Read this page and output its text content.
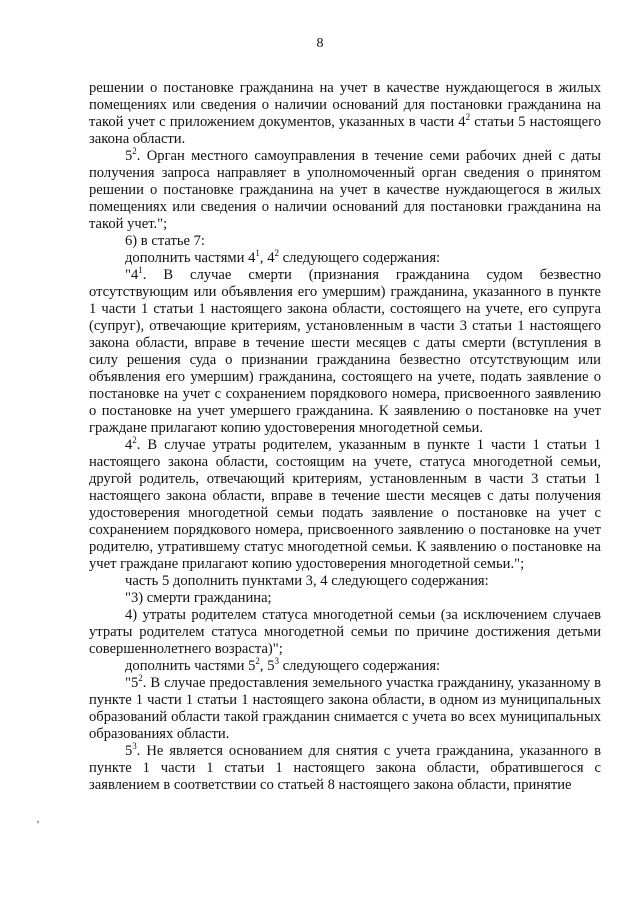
8

решении о постановке гражданина на учет в качестве нуждающегося в жилых помещениях или сведения о наличии оснований для постановки гражданина на такой учет с приложением документов, указанных в части $4^2$ статьи 5 настоящего закона области.

$5^2$. Орган местного самоуправления в течение семи рабочих дней с даты получения запроса направляет в уполномоченный орган сведения о принятом решении о постановке гражданина на учет в качестве нуждающегося в жилых помещениях или сведения о наличии оснований для постановки гражданина на такой учет.";

6) в статье 7:

дополнить частями $4^1$, $4^2$ следующего содержания:

"$4^1$. В случае смерти (признания гражданина судом безвестно отсутствующим или объявления его умершим) гражданина, указанного в пункте 1 части 1 статьи 1 настоящего закона области, состоящего на учете, его супруга (супруг), отвечающие критериям, установленным в части 3 статьи 1 настоящего закона области, вправе в течение шести месяцев с даты смерти (вступления в силу решения суда о признании гражданина безвестно отсутствующим или объявления его умершим) гражданина, состоящего на учете, подать заявление о постановке на учет с сохранением порядкового номера, присвоенного заявлению о постановке на учет умершего гражданина. К заявлению о постановке на учет граждане прилагают копию удостоверения многодетной семьи.

$4^2$. В случае утраты родителем, указанным в пункте 1 части 1 статьи 1 настоящего закона области, состоящим на учете, статуса многодетной семьи, другой родитель, отвечающий критериям, установленным в части 3 статьи 1 настоящего закона области, вправе в течение шести месяцев с даты получения удостоверения многодетной семьи подать заявление о постановке на учет с сохранением порядкового номера, присвоенного заявлению о постановке на учет родителю, утратившему статус многодетной семьи. К заявлению о постановке на учет граждане прилагают копию удостоверения многодетной семьи.";

часть 5 дополнить пунктами 3, 4 следующего содержания:

"3) смерти гражданина;

4) утраты родителем статуса многодетной семьи (за исключением случаев утраты родителем статуса многодетной семьи по причине достижения детьми совершеннолетнего возраста)";

дополнить частями $5^2$, $5^3$ следующего содержания:

"$5^2$. В случае предоставления земельного участка гражданину, указанному в пункте 1 части 1 статьи 1 настоящего закона области, в одном из муниципальных образований области такой гражданин снимается с учета во всех муниципальных образованиях области.

$5^3$. Не является основанием для снятия с учета гражданина, указанного в пункте 1 части 1 статьи 1 настоящего закона области, обратившегося с заявлением в соответствии со статьей 8 настоящего закона области, принятие

'
